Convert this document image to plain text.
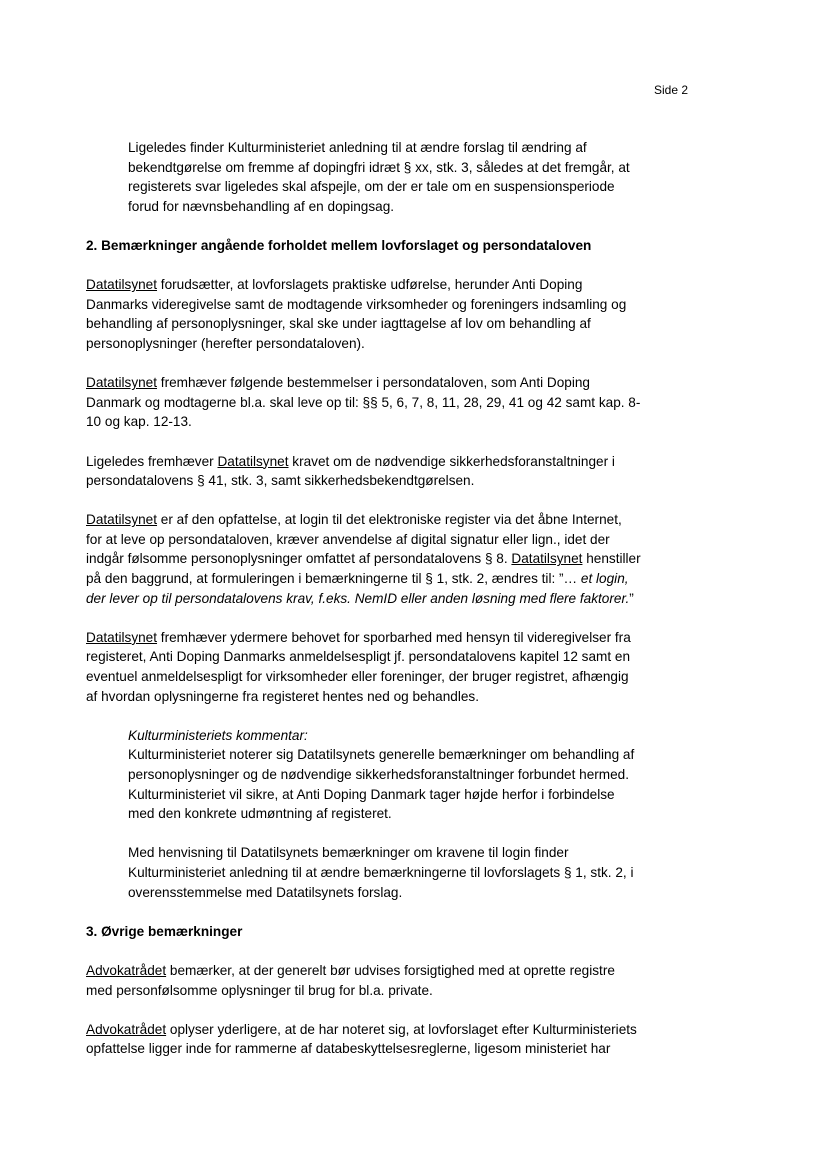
Side 2
Ligeledes finder Kulturministeriet anledning til at ændre forslag til ændring af
bekendtgørelse om fremme af dopingfri idræt § xx, stk. 3, således at det fremgår, at
registerets svar ligeledes skal afspejle, om der er tale om en suspensionsperiode
forud for nævnsbehandling af en dopingsag.
2. Bemærkninger angående forholdet mellem lovforslaget og persondataloven
Datatilsynet forudsætter, at lovforslagets praktiske udførelse, herunder Anti Doping
Danmarks videregivelse samt de modtagende virksomheder og foreningers indsamling og
behandling af personoplysninger, skal ske under iagttagelse af lov om behandling af
personoplysninger (herefter persondataloven).
Datatilsynet fremhæver følgende bestemmelser i persondataloven, som Anti Doping
Danmark og modtagerne bl.a. skal leve op til: §§ 5, 6, 7, 8, 11, 28, 29, 41 og 42 samt kap. 8-
10 og kap. 12-13.
Ligeledes fremhæver Datatilsynet kravet om de nødvendige sikkerhedsforanstaltninger i
persondatalovens § 41, stk. 3, samt sikkerhedsbekendtgørelsen.
Datatilsynet er af den opfattelse, at login til det elektroniske register via det åbne Internet,
for at leve op persondataloven, kræver anvendelse af digital signatur eller lign., idet der
indgår følsomme personoplysninger omfattet af persondatalovens § 8. Datatilsynet henstiller
på den baggrund, at formuleringen i bemærkningerne til § 1, stk. 2, ændres til: ”… et login,
der lever op til persondatalovens krav, f.eks. NemID eller anden løsning med flere faktorer.”
Datatilsynet fremhæver ydermere behovet for sporbarhed med hensyn til videregivelser fra
registeret, Anti Doping Danmarks anmeldelsespligt jf. persondatalovens kapitel 12 samt en
eventuel anmeldelsespligt for virksomheder eller foreninger, der bruger registret, afhængig
af hvordan oplysningerne fra registeret hentes ned og behandles.
Kulturministeriets kommentar:
Kulturministeriet noterer sig Datatilsynets generelle bemærkninger om behandling af
personoplysninger og de nødvendige sikkerhedsforanstaltninger forbundet hermed.
Kulturministeriet vil sikre, at Anti Doping Danmark tager højde herfor i forbindelse
med den konkrete udmøntning af registeret.
Med henvisning til Datatilsynets bemærkninger om kravene til login finder
Kulturministeriet anledning til at ændre bemærkningerne til lovforslagets § 1, stk. 2, i
overensstemmelse med Datatilsynets forslag.
3. Øvrige bemærkninger
Advokatrådet bemærker, at der generelt bør udvises forsigtighed med at oprette registre
med personfølsomme oplysninger til brug for bl.a. private.
Advokatrådet oplyser yderligere, at de har noteret sig, at lovforslaget efter Kulturministeriets
opfattelse ligger inde for rammerne af databeskyttelsesreglerne, ligesom ministeriet har
